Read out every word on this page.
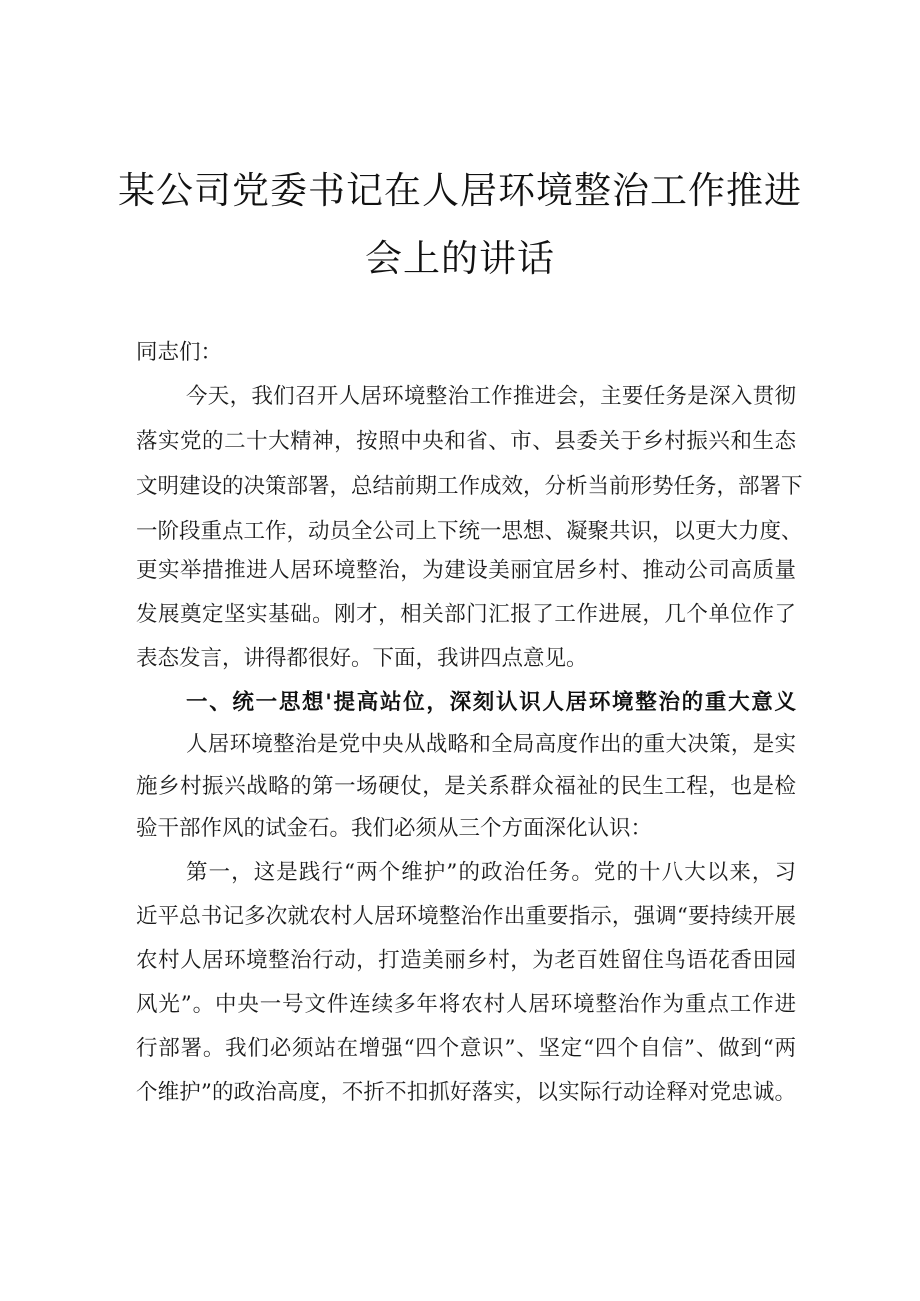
某公司党委书记在人居环境整治工作推进
会上的讲话
同志们：
今天，我们召开人居环境整治工作推进会，主要任务是深入贯彻
落实党的二十大精神，按照中央和省、市、县委关于乡村振兴和生态
文明建设的决策部署，总结前期工作成效，分析当前形势任务，部署下
一阶段重点工作，动员全公司上下统一思想、凝聚共识，以更大力度、
更实举措推进人居环境整治，为建设美丽宜居乡村、推动公司高质量
发展奠定坚实基础。刚才，相关部门汇报了工作进展，几个单位作了
表态发言，讲得都很好。下面，我讲四点意见。
一、统一思想'提高站位，深刻认识人居环境整治的重大意义
人居环境整治是党中央从战略和全局高度作出的重大决策，是实
施乡村振兴战略的第一场硬仗，是关系群众福祉的民生工程，也是检
验干部作风的试金石。我们必须从三个方面深化认识：
第一，这是践行“两个维护”的政治任务。党的十八大以来，习
近平总书记多次就农村人居环境整治作出重要指示，强调“要持续开展
农村人居环境整治行动，打造美丽乡村，为老百姓留住鸟语花香田园
风光”。中央一号文件连续多年将农村人居环境整治作为重点工作进
行部署。我们必须站在增强“四个意识”、坚定“四个自信”、做到“两
个维护”的政治高度，不折不扣抓好落实，以实际行动诠释对党忠诚。
